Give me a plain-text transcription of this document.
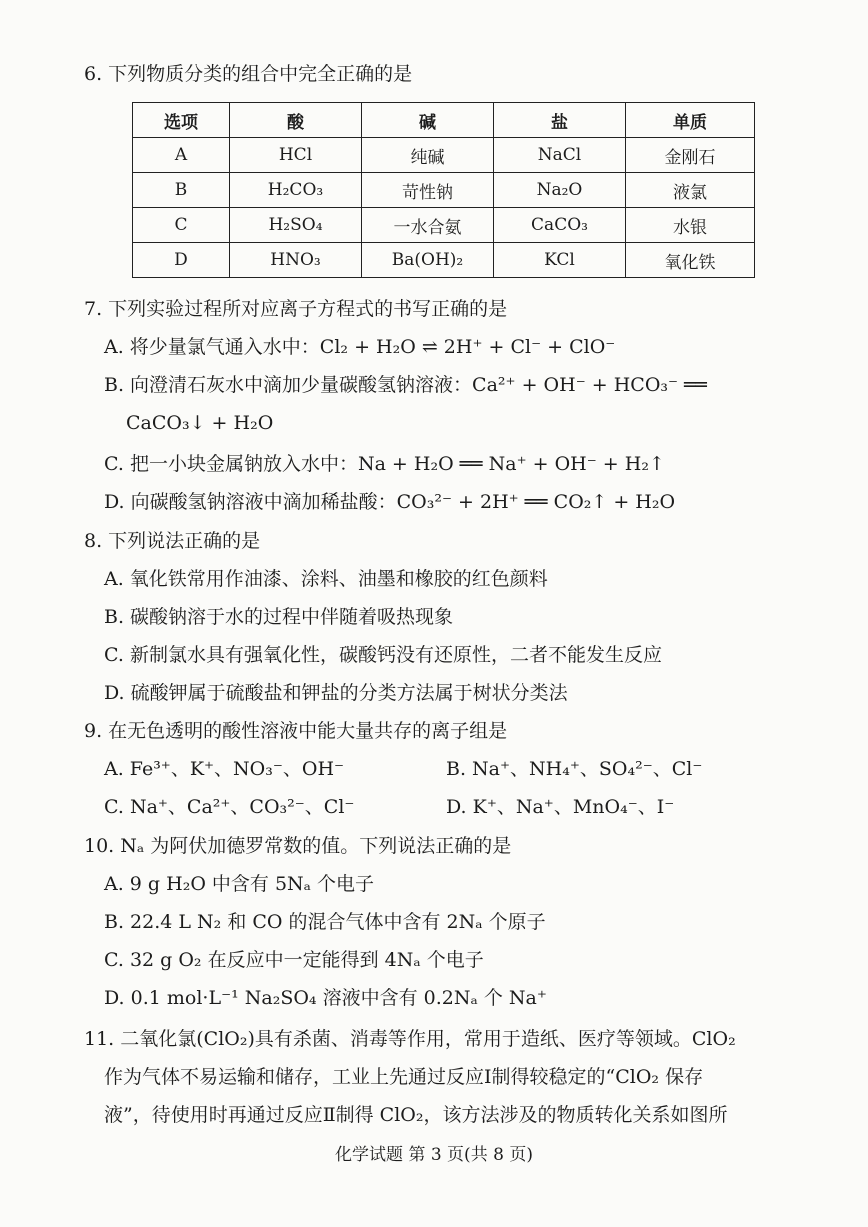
6. 下列物质分类的组合中完全正确的是
选项	酸	碱	盐	单质
A	HCl	纯碱	NaCl	金刚石
B	H₂CO₃	苛性钠	Na₂O	液氯
C	H₂SO₄	一水合氨	CaCO₃	水银
D	HNO₃	Ba(OH)₂	KCl	氧化铁
7. 下列实验过程所对应离子方程式的书写正确的是
A. 将少量氯气通入水中：Cl₂ + H₂O ⇌ 2H⁺ + Cl⁻ + ClO⁻
B. 向澄清石灰水中滴加少量碳酸氢钠溶液：Ca²⁺ + OH⁻ + HCO₃⁻ ══
CaCO₃↓ + H₂O
C. 把一小块金属钠放入水中：Na + H₂O ══ Na⁺ + OH⁻ + H₂↑
D. 向碳酸氢钠溶液中滴加稀盐酸：CO₃²⁻ + 2H⁺ ══ CO₂↑ + H₂O
8. 下列说法正确的是
A. 氧化铁常用作油漆、涂料、油墨和橡胶的红色颜料
B. 碳酸钠溶于水的过程中伴随着吸热现象
C. 新制氯水具有强氧化性，碳酸钙没有还原性，二者不能发生反应
D. 硫酸钾属于硫酸盐和钾盐的分类方法属于树状分类法
9. 在无色透明的酸性溶液中能大量共存的离子组是
A. Fe³⁺、K⁺、NO₃⁻、OH⁻	B. Na⁺、NH₄⁺、SO₄²⁻、Cl⁻
C. Na⁺、Ca²⁺、CO₃²⁻、Cl⁻	D. K⁺、Na⁺、MnO₄⁻、I⁻
10. Nₐ 为阿伏加德罗常数的值。下列说法正确的是
A. 9 g H₂O 中含有 5Nₐ 个电子
B. 22.4 L N₂ 和 CO 的混合气体中含有 2Nₐ 个原子
C. 32 g O₂ 在反应中一定能得到 4Nₐ 个电子
D. 0.1 mol·L⁻¹ Na₂SO₄ 溶液中含有 0.2Nₐ 个 Na⁺
11. 二氧化氯(ClO₂)具有杀菌、消毒等作用，常用于造纸、医疗等领域。ClO₂
作为气体不易运输和储存，工业上先通过反应Ⅰ制得较稳定的“ClO₂ 保存
液”，待使用时再通过反应Ⅱ制得 ClO₂，该方法涉及的物质转化关系如图所
化学试题 第 3 页(共 8 页)
